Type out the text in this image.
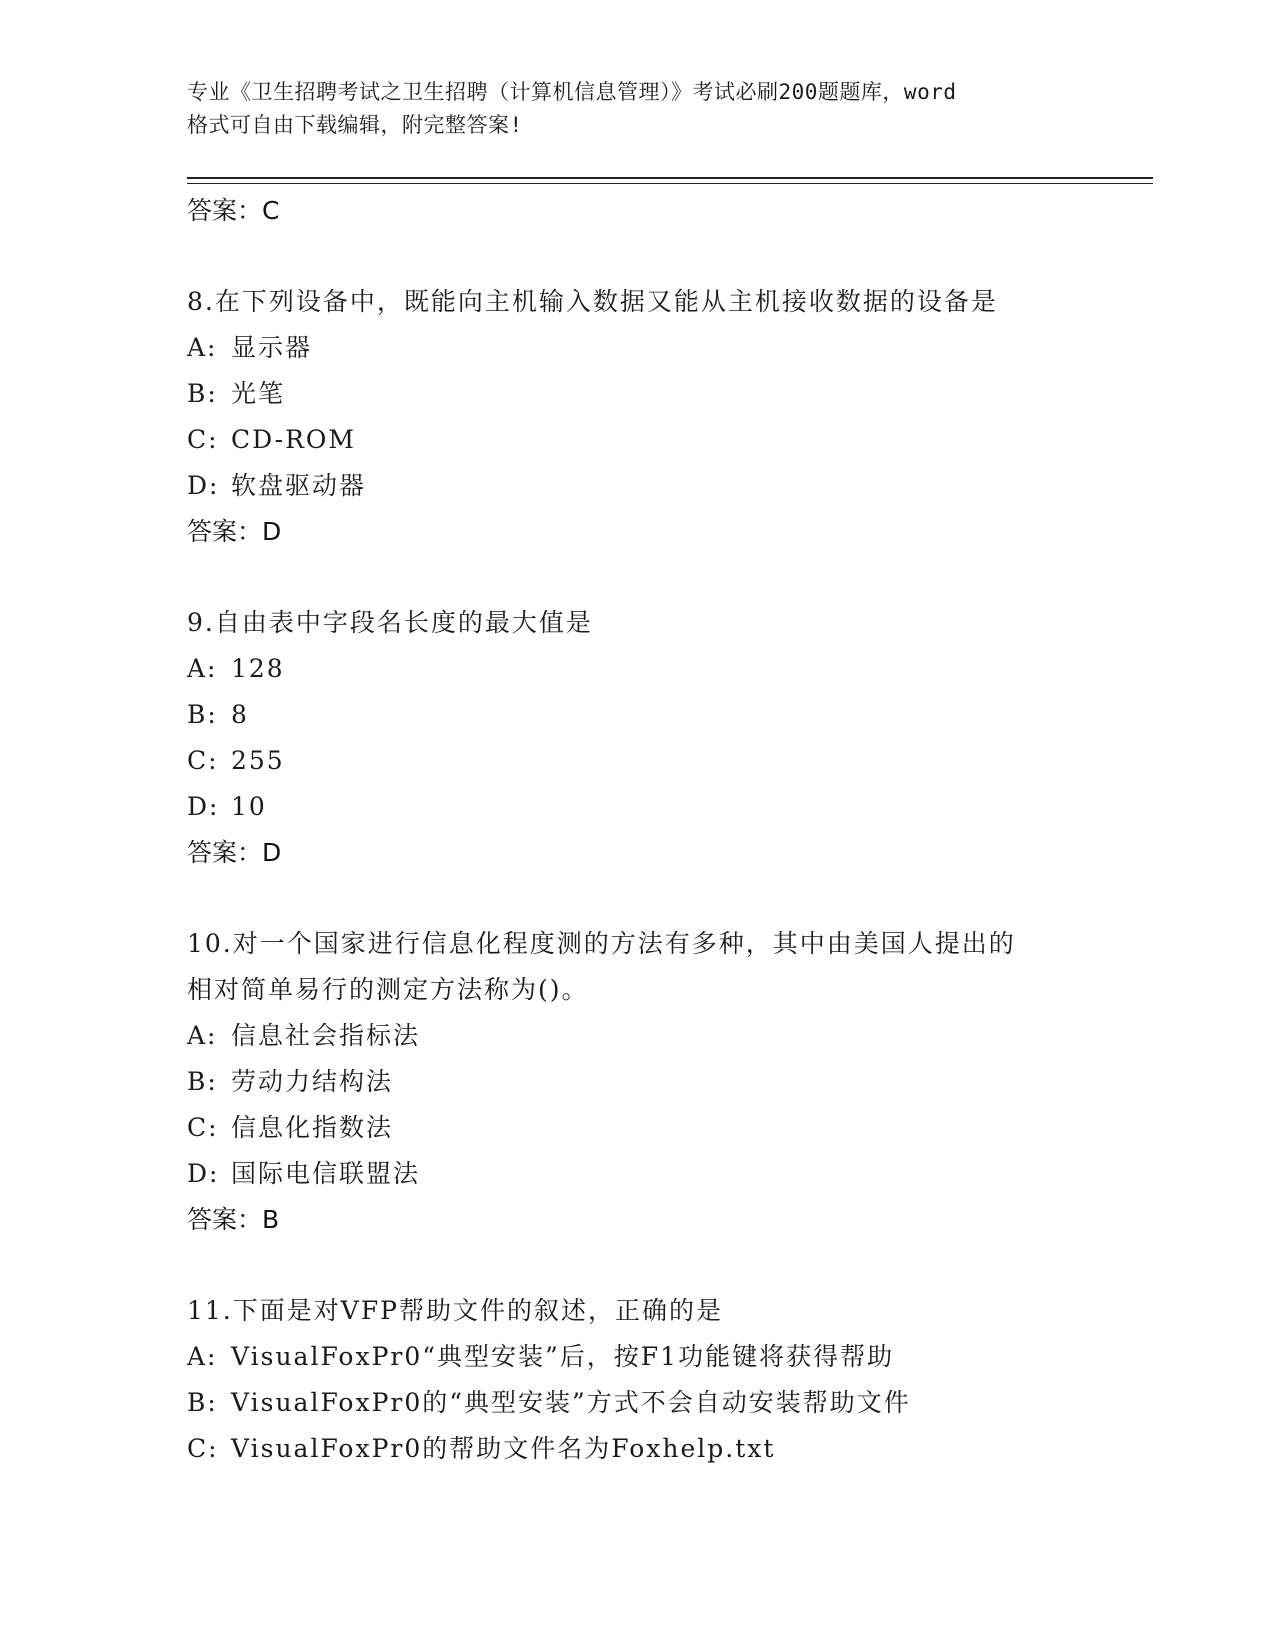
专业《卫生招聘考试之卫生招聘（计算机信息管理）》考试必刷200题题库，word
格式可自由下载编辑，附完整答案!
答案：C
8.在下列设备中，既能向主机输入数据又能从主机接收数据的设备是
A: 显示器
B: 光笔
C: CD-ROM
D: 软盘驱动器
答案：D
9.自由表中字段名长度的最大值是
A: 128
B: 8
C: 255
D: 10
答案：D
10.对一个国家进行信息化程度测的方法有多种，其中由美国人提出的
相对简单易行的测定方法称为()。
A: 信息社会指标法
B: 劳动力结构法
C: 信息化指数法
D: 国际电信联盟法
答案：B
11.下面是对VFP帮助文件的叙述，正确的是
A: VisualFoxPr0“典型安装”后，按F1功能键将获得帮助
B: VisualFoxPr0的“典型安装”方式不会自动安装帮助文件
C: VisualFoxPr0的帮助文件名为Foxhelp.txt
